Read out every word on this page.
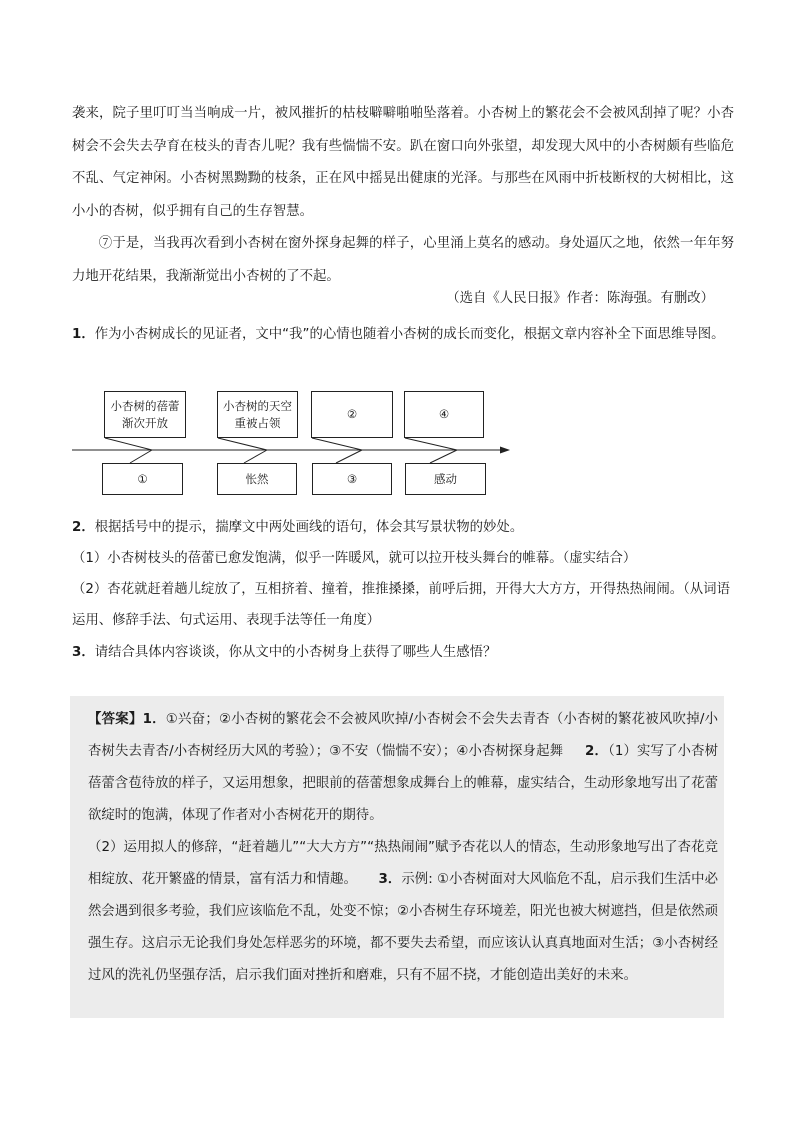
袭来，院子里叮叮当当响成一片，被风摧折的枯枝噼噼啪啪坠落着。小杏树上的繁花会不会被风刮掉了呢？小杏树会不会失去孕育在枝头的青杏儿呢？我有些惴惴不安。趴在窗口向外张望，却发现大风中的小杏树颇有些临危不乱、气定神闲。小杏树黑黝黝的枝条，正在风中摇晃出健康的光泽。与那些在风雨中折枝断杈的大树相比，这小小的杏树，似乎拥有自己的生存智慧。

⑦于是，当我再次看到小杏树在窗外探身起舞的样子，心里涌上莫名的感动。身处逼仄之地，依然一年年努力地开花结果，我渐渐觉出小杏树的了不起。

（选自《人民日报》作者：陈海强。有删改）

1．作为小杏树成长的见证者，文中“我”的心情也随着小杏树的成长而变化，根据文章内容补全下面思维导图。

小杏树的蓓蕾渐次开放
小杏树的天空重被占领
②	④
①	怅然	③	感动

2．根据括号中的提示，揣摩文中两处画线的语句，体会其写景状物的妙处。

（1）小杏树枝头的蓓蕾已愈发饱满，似乎一阵暖风，就可以拉开枝头舞台的帷幕。（虚实结合）

（2）杏花就赶着趟儿绽放了，互相挤着、撞着，推推搡搡，前呼后拥，开得大大方方，开得热热闹闹。（从词语运用、修辞手法、句式运用、表现手法等任一角度）

3．请结合具体内容谈谈，你从文中的小杏树身上获得了哪些人生感悟？

【答案】1．①兴奋；②小杏树的繁花会不会被风吹掉/小杏树会不会失去青杏（小杏树的繁花被风吹掉/小杏树失去青杏/小杏树经历大风的考验）；③不安（惴惴不安）；④小杏树探身起舞 2．（1）实写了小杏树蓓蕾含苞待放的样子，又运用想象，把眼前的蓓蕾想象成舞台上的帷幕，虚实结合，生动形象地写出了花蕾欲绽时的饱满，体现了作者对小杏树花开的期待。

（2）运用拟人的修辞，“赶着趟儿”“大大方方”“热热闹闹”赋予杏花以人的情态，生动形象地写出了杏花竞相绽放、花开繁盛的情景，富有活力和情趣。 3．示例: ①小杏树面对大风临危不乱，启示我们生活中必然会遇到很多考验，我们应该临危不乱，处变不惊；②小杏树生存环境差，阳光也被大树遮挡，但是依然顽强生存。这启示无论我们身处怎样恶劣的环境，都不要失去希望，而应该认认真真地面对生活；③小杏树经过风的洗礼仍坚强存活，启示我们面对挫折和磨难，只有不屈不挠，才能创造出美好的未来。
